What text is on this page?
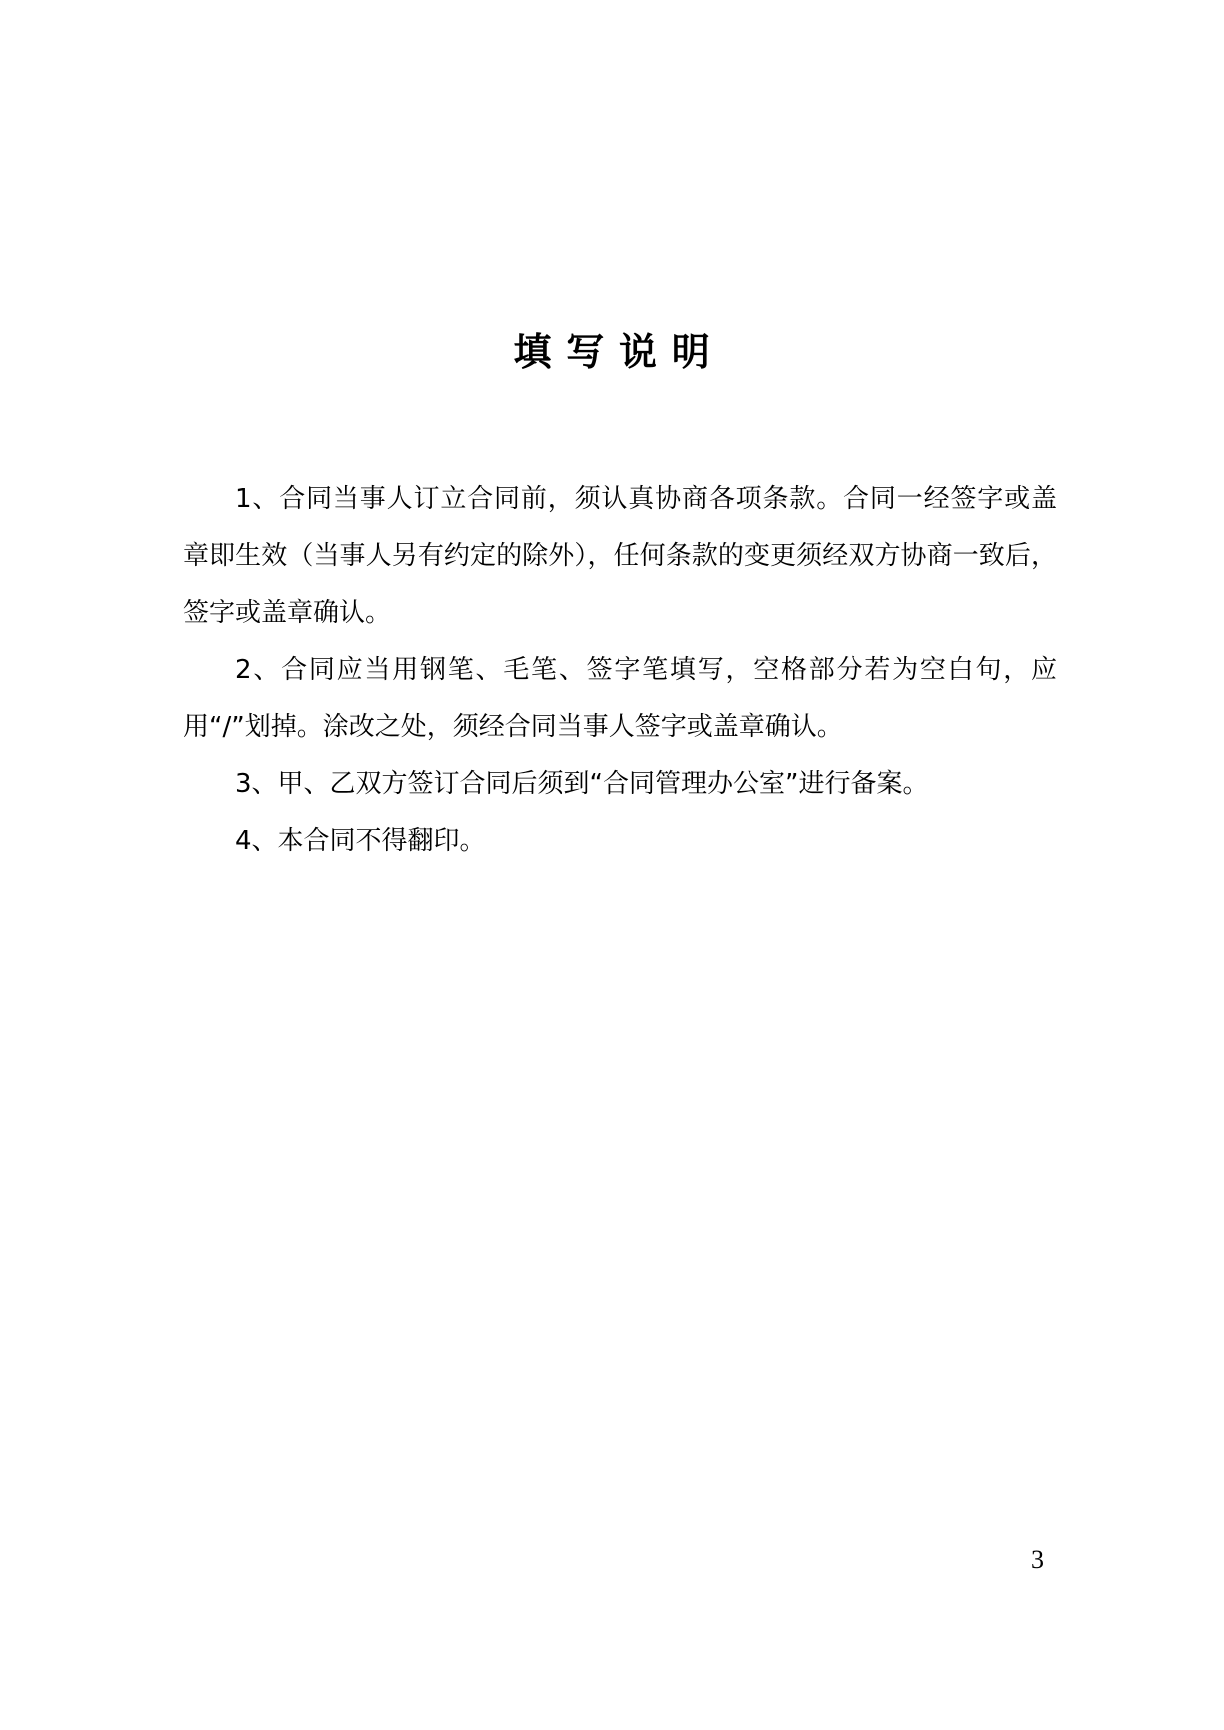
填 写 说 明

1、合同当事人订立合同前，须认真协商各项条款。合同一经签字或盖章即生效（当事人另有约定的除外），任何条款的变更须经双方协商一致后，签字或盖章确认。

2、合同应当用钢笔、毛笔、签字笔填写，空格部分若为空白句，应用“/”划掉。涂改之处，须经合同当事人签字或盖章确认。

3、甲、乙双方签订合同后须到“合同管理办公室”进行备案。

4、本合同不得翻印。

3
